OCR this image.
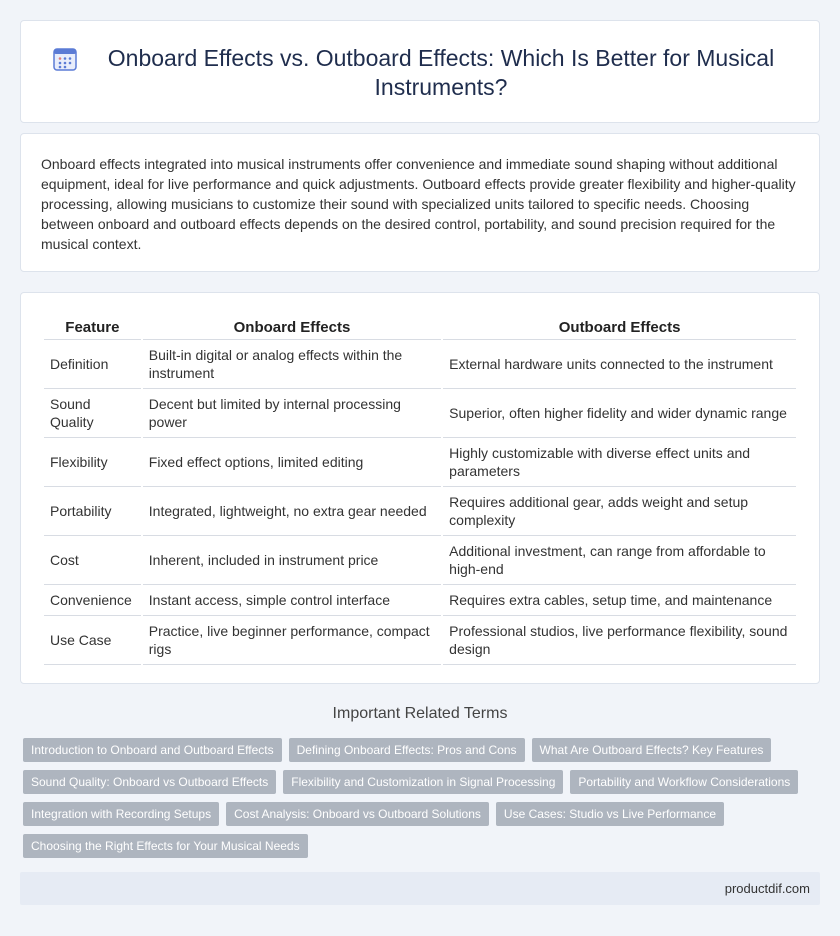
Onboard Effects vs. Outboard Effects: Which Is Better for Musical Instruments?

Onboard effects integrated into musical instruments offer convenience and immediate sound shaping without additional equipment, ideal for live performance and quick adjustments. Outboard effects provide greater flexibility and higher-quality processing, allowing musicians to customize their sound with specialized units tailored to specific needs. Choosing between onboard and outboard effects depends on the desired control, portability, and sound precision required for the musical context.

Feature	Onboard Effects	Outboard Effects
Definition	Built-in digital or analog effects within the instrument	External hardware units connected to the instrument
Sound Quality	Decent but limited by internal processing power	Superior, often higher fidelity and wider dynamic range
Flexibility	Fixed effect options, limited editing	Highly customizable with diverse effect units and parameters
Portability	Integrated, lightweight, no extra gear needed	Requires additional gear, adds weight and setup complexity
Cost	Inherent, included in instrument price	Additional investment, can range from affordable to high-end
Convenience	Instant access, simple control interface	Requires extra cables, setup time, and maintenance
Use Case	Practice, live beginner performance, compact rigs	Professional studios, live performance flexibility, sound design
Important Related Terms
Introduction to Onboard and Outboard Effects	Defining Onboard Effects: Pros and Cons	What Are Outboard Effects? Key Features
Sound Quality: Onboard vs Outboard Effects	Flexibility and Customization in Signal Processing	Portability and Workflow Considerations
Integration with Recording Setups	Cost Analysis: Onboard vs Outboard Solutions	Use Cases: Studio vs Live Performance
Choosing the Right Effects for Your Musical Needs
productdif.com
